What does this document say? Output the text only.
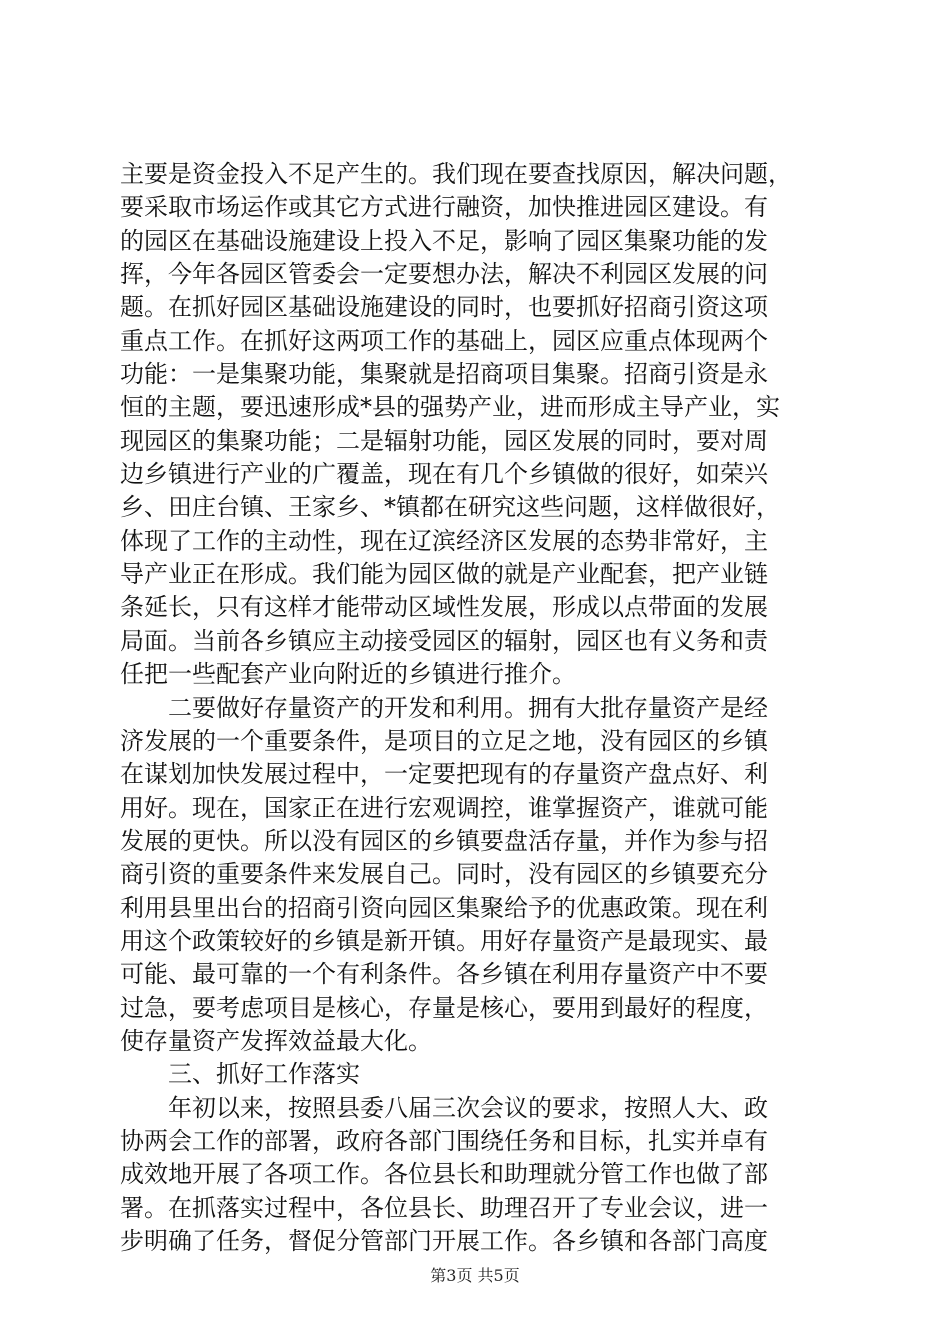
主要是资金投入不足产生的。我们现在要查找原因，解决问题，
要采取市场运作或其它方式进行融资，加快推进园区建设。有
的园区在基础设施建设上投入不足，影响了园区集聚功能的发
挥，今年各园区管委会一定要想办法，解决不利园区发展的问
题。在抓好园区基础设施建设的同时，也要抓好招商引资这项
重点工作。在抓好这两项工作的基础上，园区应重点体现两个
功能：一是集聚功能，集聚就是招商项目集聚。招商引资是永
恒的主题，要迅速形成*县的强势产业，进而形成主导产业，实
现园区的集聚功能；二是辐射功能，园区发展的同时，要对周
边乡镇进行产业的广覆盖，现在有几个乡镇做的很好，如荣兴
乡、田庄台镇、王家乡、*镇都在研究这些问题，这样做很好，
体现了工作的主动性，现在辽滨经济区发展的态势非常好，主
导产业正在形成。我们能为园区做的就是产业配套，把产业链
条延长，只有这样才能带动区域性发展，形成以点带面的发展
局面。当前各乡镇应主动接受园区的辐射，园区也有义务和责
任把一些配套产业向附近的乡镇进行推介。
　　二要做好存量资产的开发和利用。拥有大批存量资产是经
济发展的一个重要条件，是项目的立足之地，没有园区的乡镇
在谋划加快发展过程中，一定要把现有的存量资产盘点好、利
用好。现在，国家正在进行宏观调控，谁掌握资产，谁就可能
发展的更快。所以没有园区的乡镇要盘活存量，并作为参与招
商引资的重要条件来发展自己。同时，没有园区的乡镇要充分
利用县里出台的招商引资向园区集聚给予的优惠政策。现在利
用这个政策较好的乡镇是新开镇。用好存量资产是最现实、最
可能、最可靠的一个有利条件。各乡镇在利用存量资产中不要
过急，要考虑项目是核心，存量是核心，要用到最好的程度，
使存量资产发挥效益最大化。
　　三、抓好工作落实
　　年初以来，按照县委八届三次会议的要求，按照人大、政
协两会工作的部署，政府各部门围绕任务和目标，扎实并卓有
成效地开展了各项工作。各位县长和助理就分管工作也做了部
署。在抓落实过程中，各位县长、助理召开了专业会议，进一
步明确了任务，督促分管部门开展工作。各乡镇和各部门高度
第3页 共5页
